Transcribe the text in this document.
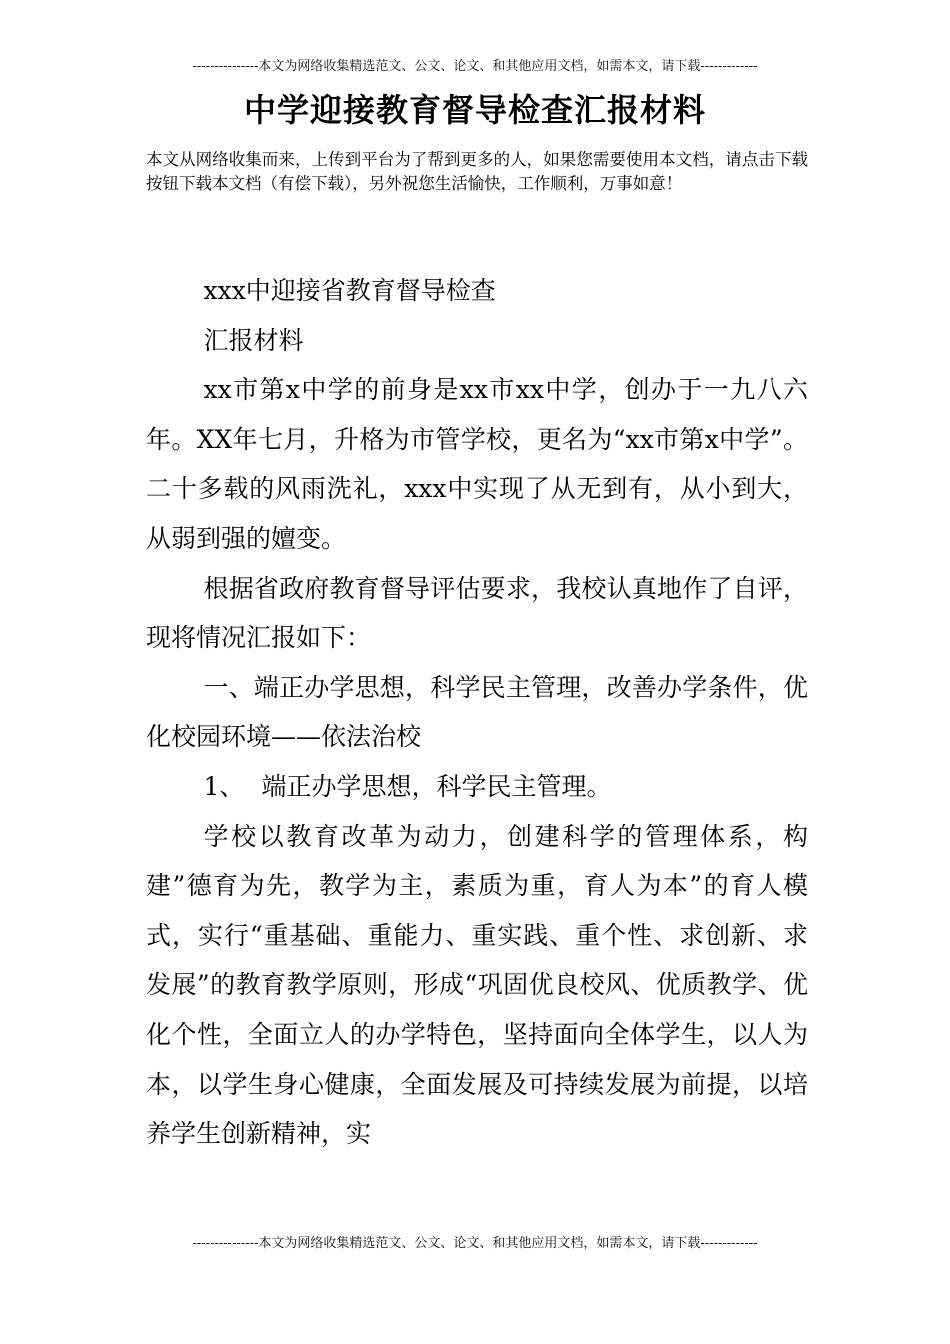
---------------本文为网络收集精选范文、公文、论文、和其他应用文档，如需本文，请下载-------------
中学迎接教育督导检查汇报材料
本文从网络收集而来，上传到平台为了帮到更多的人，如果您需要使用本文档，请点击下载按钮下载本文档（有偿下载），另外祝您生活愉快，工作顺利，万事如意！

xxx中迎接省教育督导检查

汇报材料

xx市第x中学的前身是xx市xx中学，创办于一九八六年。XX年七月，升格为市管学校，更名为“xx市第x中学”。二十多载的风雨洗礼，xxx中实现了从无到有，从小到大，从弱到强的嬗变。

根据省政府教育督导评估要求，我校认真地作了自评，现将情况汇报如下：

一、端正办学思想，科学民主管理，改善办学条件，优化校园环境——依法治校

1、 端正办学思想，科学民主管理。

学校以教育改革为动力，创建科学的管理体系，构建”德育为先，教学为主，素质为重，育人为本”的育人模式，实行“重基础、重能力、重实践、重个性、求创新、求发展”的教育教学原则，形成“巩固优良校风、优质教学、优化个性，全面立人的办学特色，坚持面向全体学生，以人为本，以学生身心健康，全面发展及可持续发展为前提，以培养学生创新精神，实

---------------本文为网络收集精选范文、公文、论文、和其他应用文档，如需本文，请下载-------------
